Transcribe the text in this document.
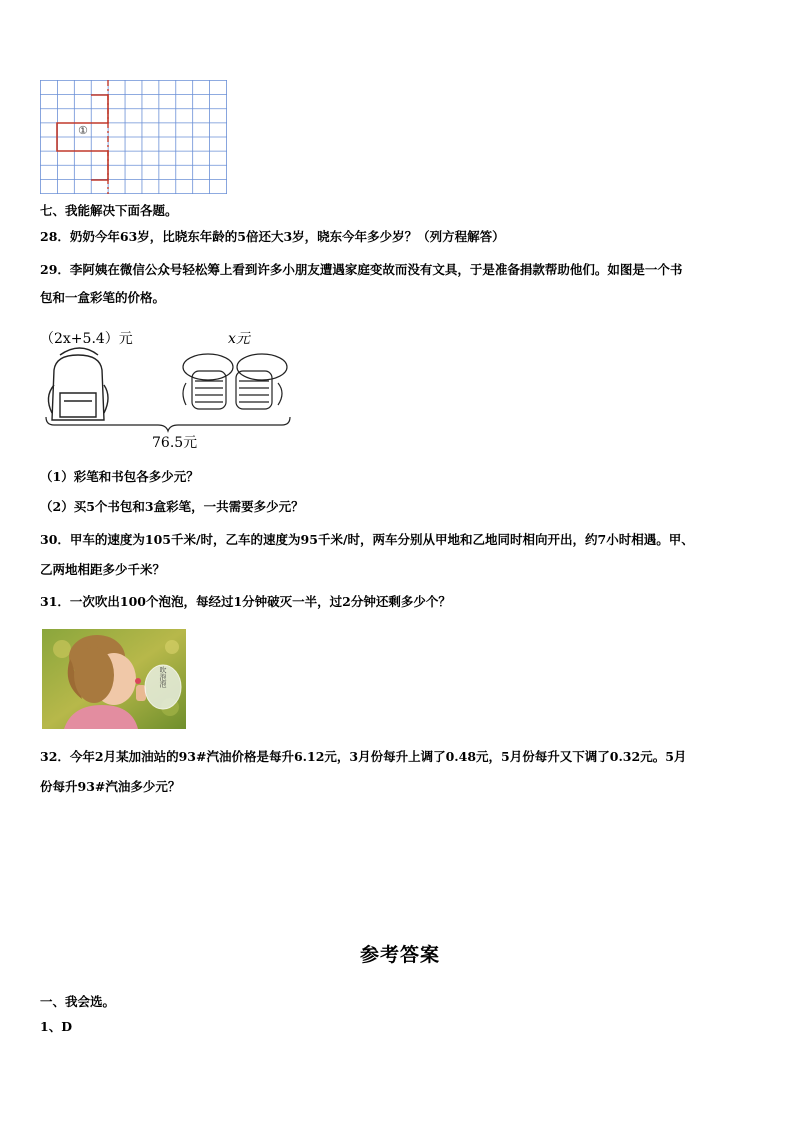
①
七、我能解决下面各题。
28．奶奶今年63岁，比晓东年龄的5倍还大3岁，晓东今年多少岁？（列方程解答）
29．李阿姨在微信公众号轻松筹上看到许多小朋友遭遇家庭变故而没有文具，于是准备捐款帮助他们。如图是一个书
包和一盒彩笔的价格。
（2x+5.4）元	x元
76.5元
（1）彩笔和书包各多少元？
（2）买5个书包和3盒彩笔，一共需要多少元？
30．甲车的速度为105千米/时，乙车的速度为95千米/时，两车分别从甲地和乙地同时相向开出，约7小时相遇。甲、
乙两地相距多少千米？
31．一次吹出100个泡泡，每经过1分钟破灭一半，过2分钟还剩多少个？
吹泡泡
32．今年2月某加油站的93#汽油价格是每升6.12元，3月份每升上调了0.48元，5月份每升又下调了0.32元。5月
份每升93#汽油多少元？
参考答案
一、我会选。
1、D
